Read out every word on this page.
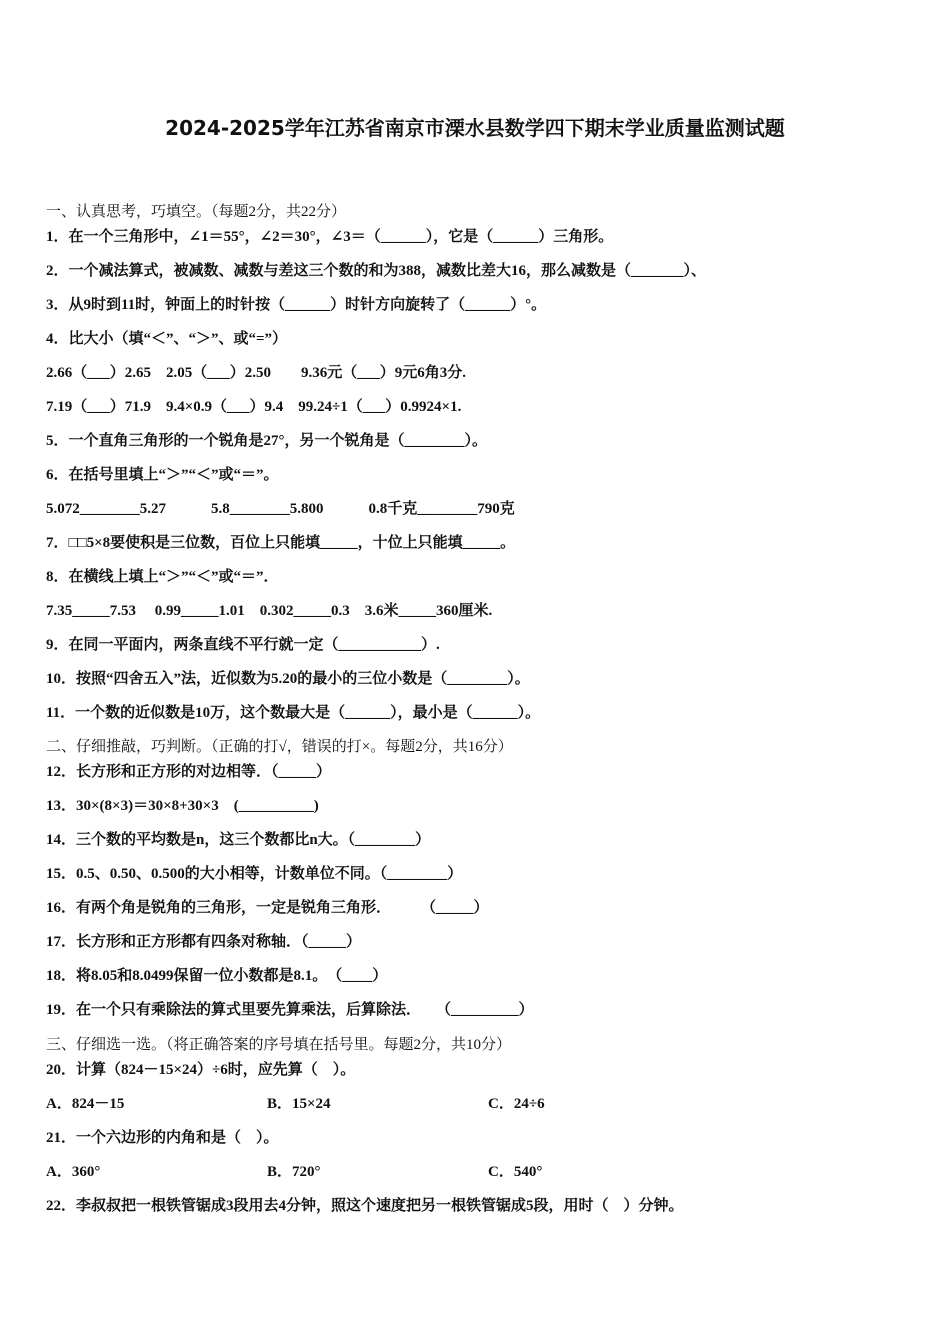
2024-2025学年江苏省南京市溧水县数学四下期末学业质量监测试题
一、认真思考，巧填空。（每题2分，共22分）
1．在一个三角形中，∠1＝55°，∠2＝30°，∠3＝（______），它是（______）三角形。
2．一个减法算式，被减数、减数与差这三个数的和为388，减数比差大16，那么减数是（_______）、
3．从9时到11时，钟面上的时针按（______）时针方向旋转了（______）°。
4．比大小（填“＜”、“＞”、或“=”）
2.66（___）2.65　2.05（___）2.50　　9.36元（___）9元6角3分.
7.19（___）71.9　9.4×0.9（___）9.4　99.24÷1（___）0.9924×1.
5．一个直角三角形的一个锐角是27°，另一个锐角是（________）。
6．在括号里填上“＞”“＜”或“＝”。
5.072________5.27　　　5.8________5.800　　　0.8千克________790克
7．□□5×8要使积是三位数，百位上只能填_____，十位上只能填_____。
8．在横线上填上“＞”“＜”或“＝”．
7.35_____7.53　 0.99_____1.01　0.302_____0.3　3.6米_____360厘米.
9．在同一平面内，两条直线不平行就一定（___________）.
10．按照“四舍五入”法，近似数为5.20的最小的三位小数是（________）。
11．一个数的近似数是10万，这个数最大是（______），最小是（______）。
二、仔细推敲，巧判断。（正确的打√，错误的打×。每题2分，共16分）
12．长方形和正方形的对边相等．（_____）
13．30×(8×3)＝30×8+30×3　(__________)
14．三个数的平均数是n，这三个数都比n大。（________）
15．0.5、0.50、0.500的大小相等，计数单位不同。（________）
16．有两个角是锐角的三角形，一定是锐角三角形．　　　（_____）
17．长方形和正方形都有四条对称轴．（_____）
18．将8.05和8.0499保留一位小数都是8.1。　（____）
19．在一个只有乘除法的算式里要先算乘法，后算除法．　　（_________）
三、仔细选一选。（将正确答案的序号填在括号里。每题2分，共10分）
20．计算（824－15×24）÷6时，应先算（　）。
A．824－15	B．15×24	C．24÷6
21．一个六边形的内角和是（　）。
A．360°	B．720°	C．540°
22．李叔叔把一根铁管锯成3段用去4分钟，照这个速度把另一根铁管锯成5段，用时（　）分钟。
